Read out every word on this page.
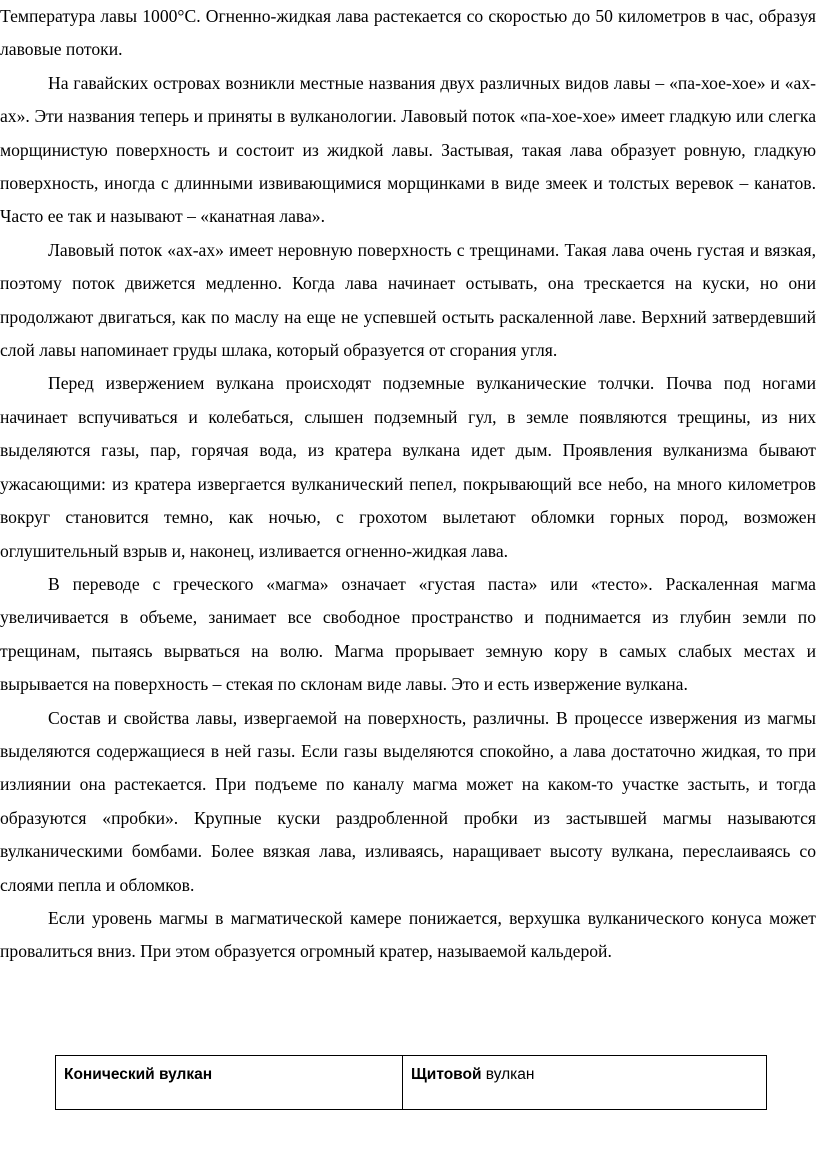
Температура лавы 1000°С. Огненно-жидкая лава растекается со скоростью до 50 километров в час, образуя лавовые потоки.

На гавайских островах возникли местные названия двух различных видов лавы – «па-хое-хое» и «ах-ах». Эти названия теперь и приняты в вулканологии. Лавовый поток «па-хое-хое» имеет гладкую или слегка морщинистую поверхность и состоит из жидкой лавы. Застывая, такая лава образует ровную, гладкую поверхность, иногда с длинными извивающимися морщинками в виде змеек и толстых веревок – канатов. Часто ее так и называют – «канатная лава».

Лавовый поток «ах-ах» имеет неровную поверхность с трещинами. Такая лава очень густая и вязкая, поэтому поток движется медленно. Когда лава начинает остывать, она трескается на куски, но они продолжают двигаться, как по маслу на еще не успевшей остыть раскаленной лаве. Верхний затвердевший слой лавы напоминает груды шлака, который образуется от сгорания угля.

Перед извержением вулкана происходят подземные вулканические толчки. Почва под ногами начинает вспучиваться и колебаться, слышен подземный гул, в земле появляются трещины, из них выделяются газы, пар, горячая вода, из кратера вулкана идет дым. Проявления вулканизма бывают ужасающими: из кратера извергается вулканический пепел, покрывающий все небо, на много километров вокруг становится темно, как ночью, с грохотом вылетают обломки горных пород, возможен оглушительный взрыв и, наконец, изливается огненно-жидкая лава.

В переводе с греческого «магма» означает «густая паста» или «тесто». Раскаленная магма увеличивается в объеме, занимает все свободное пространство и поднимается из глубин земли по трещинам, пытаясь вырваться на волю. Магма прорывает земную кору в самых слабых местах и вырывается на поверхность – стекая по склонам виде лавы. Это и есть извержение вулкана.

Состав и свойства лавы, извергаемой на поверхность, различны. В процессе извержения из магмы выделяются содержащиеся в ней газы. Если газы выделяются спокойно, а лава достаточно жидкая, то при излиянии она растекается. При подъеме по каналу магма может на каком-то участке застыть, и тогда образуются «пробки». Крупные куски раздробленной пробки из застывшей магмы называются вулканическими бомбами. Более вязкая лава, изливаясь, наращивает высоту вулкана, переслаиваясь со слоями пепла и обломков.

Если уровень магмы в магматической камере понижается, верхушка вулканического конуса может провалиться вниз. При этом образуется огромный кратер, называемой кальдерой.

Конический вулкан	Щитовой вулкан
